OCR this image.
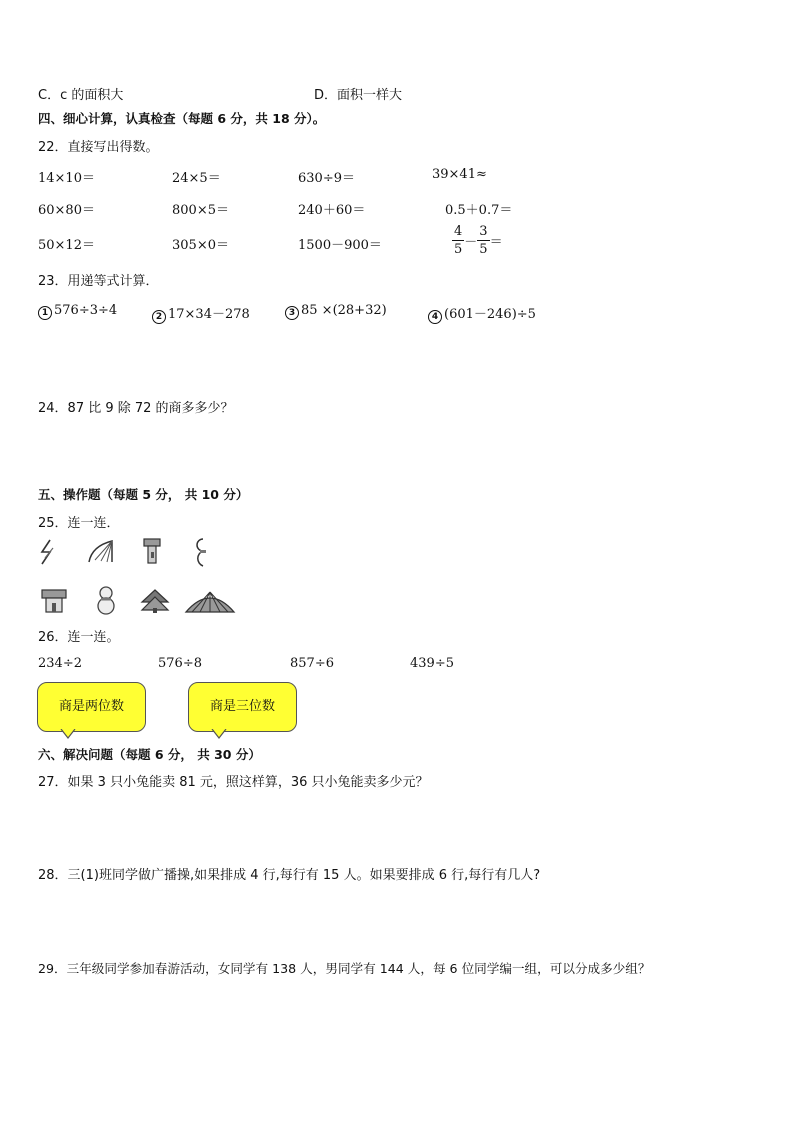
C．c 的面积大	D．面积一样大
四、细心计算，认真检查（每题 6 分，共 18 分）。
22．直接写出得数。
14×10＝	24×5＝	630÷9＝	39×41≈
60×80＝	800×5＝	240＋60＝	0.5＋0.7＝
50×12＝	305×0＝	1500－900＝	$\frac{4}{5} - \frac{3}{5}$ ＝
23．用递等式计算．
1 576÷3÷4	2 17×34－278	3 85 ×(28+32)	4 (601－246)÷5
24．87 比 9 除 72 的商多多少？
五、操作题（每题 5 分， 共 10 分）
25．连一连．
26．连一连。
234÷2	576÷8	857÷6	439÷5
商是两位数	商是三位数
六、解决问题（每题 6 分， 共 30 分）
27．如果 3 只小兔能卖 81 元，照这样算，36 只小兔能卖多少元？
28．三(1)班同学做广播操,如果排成 4 行,每行有 15 人。如果要排成 6 行,每行有几人?
29．三年级同学参加春游活动，女同学有 138 人，男同学有 144 人，每 6 位同学编一组，可以分成多少组？
